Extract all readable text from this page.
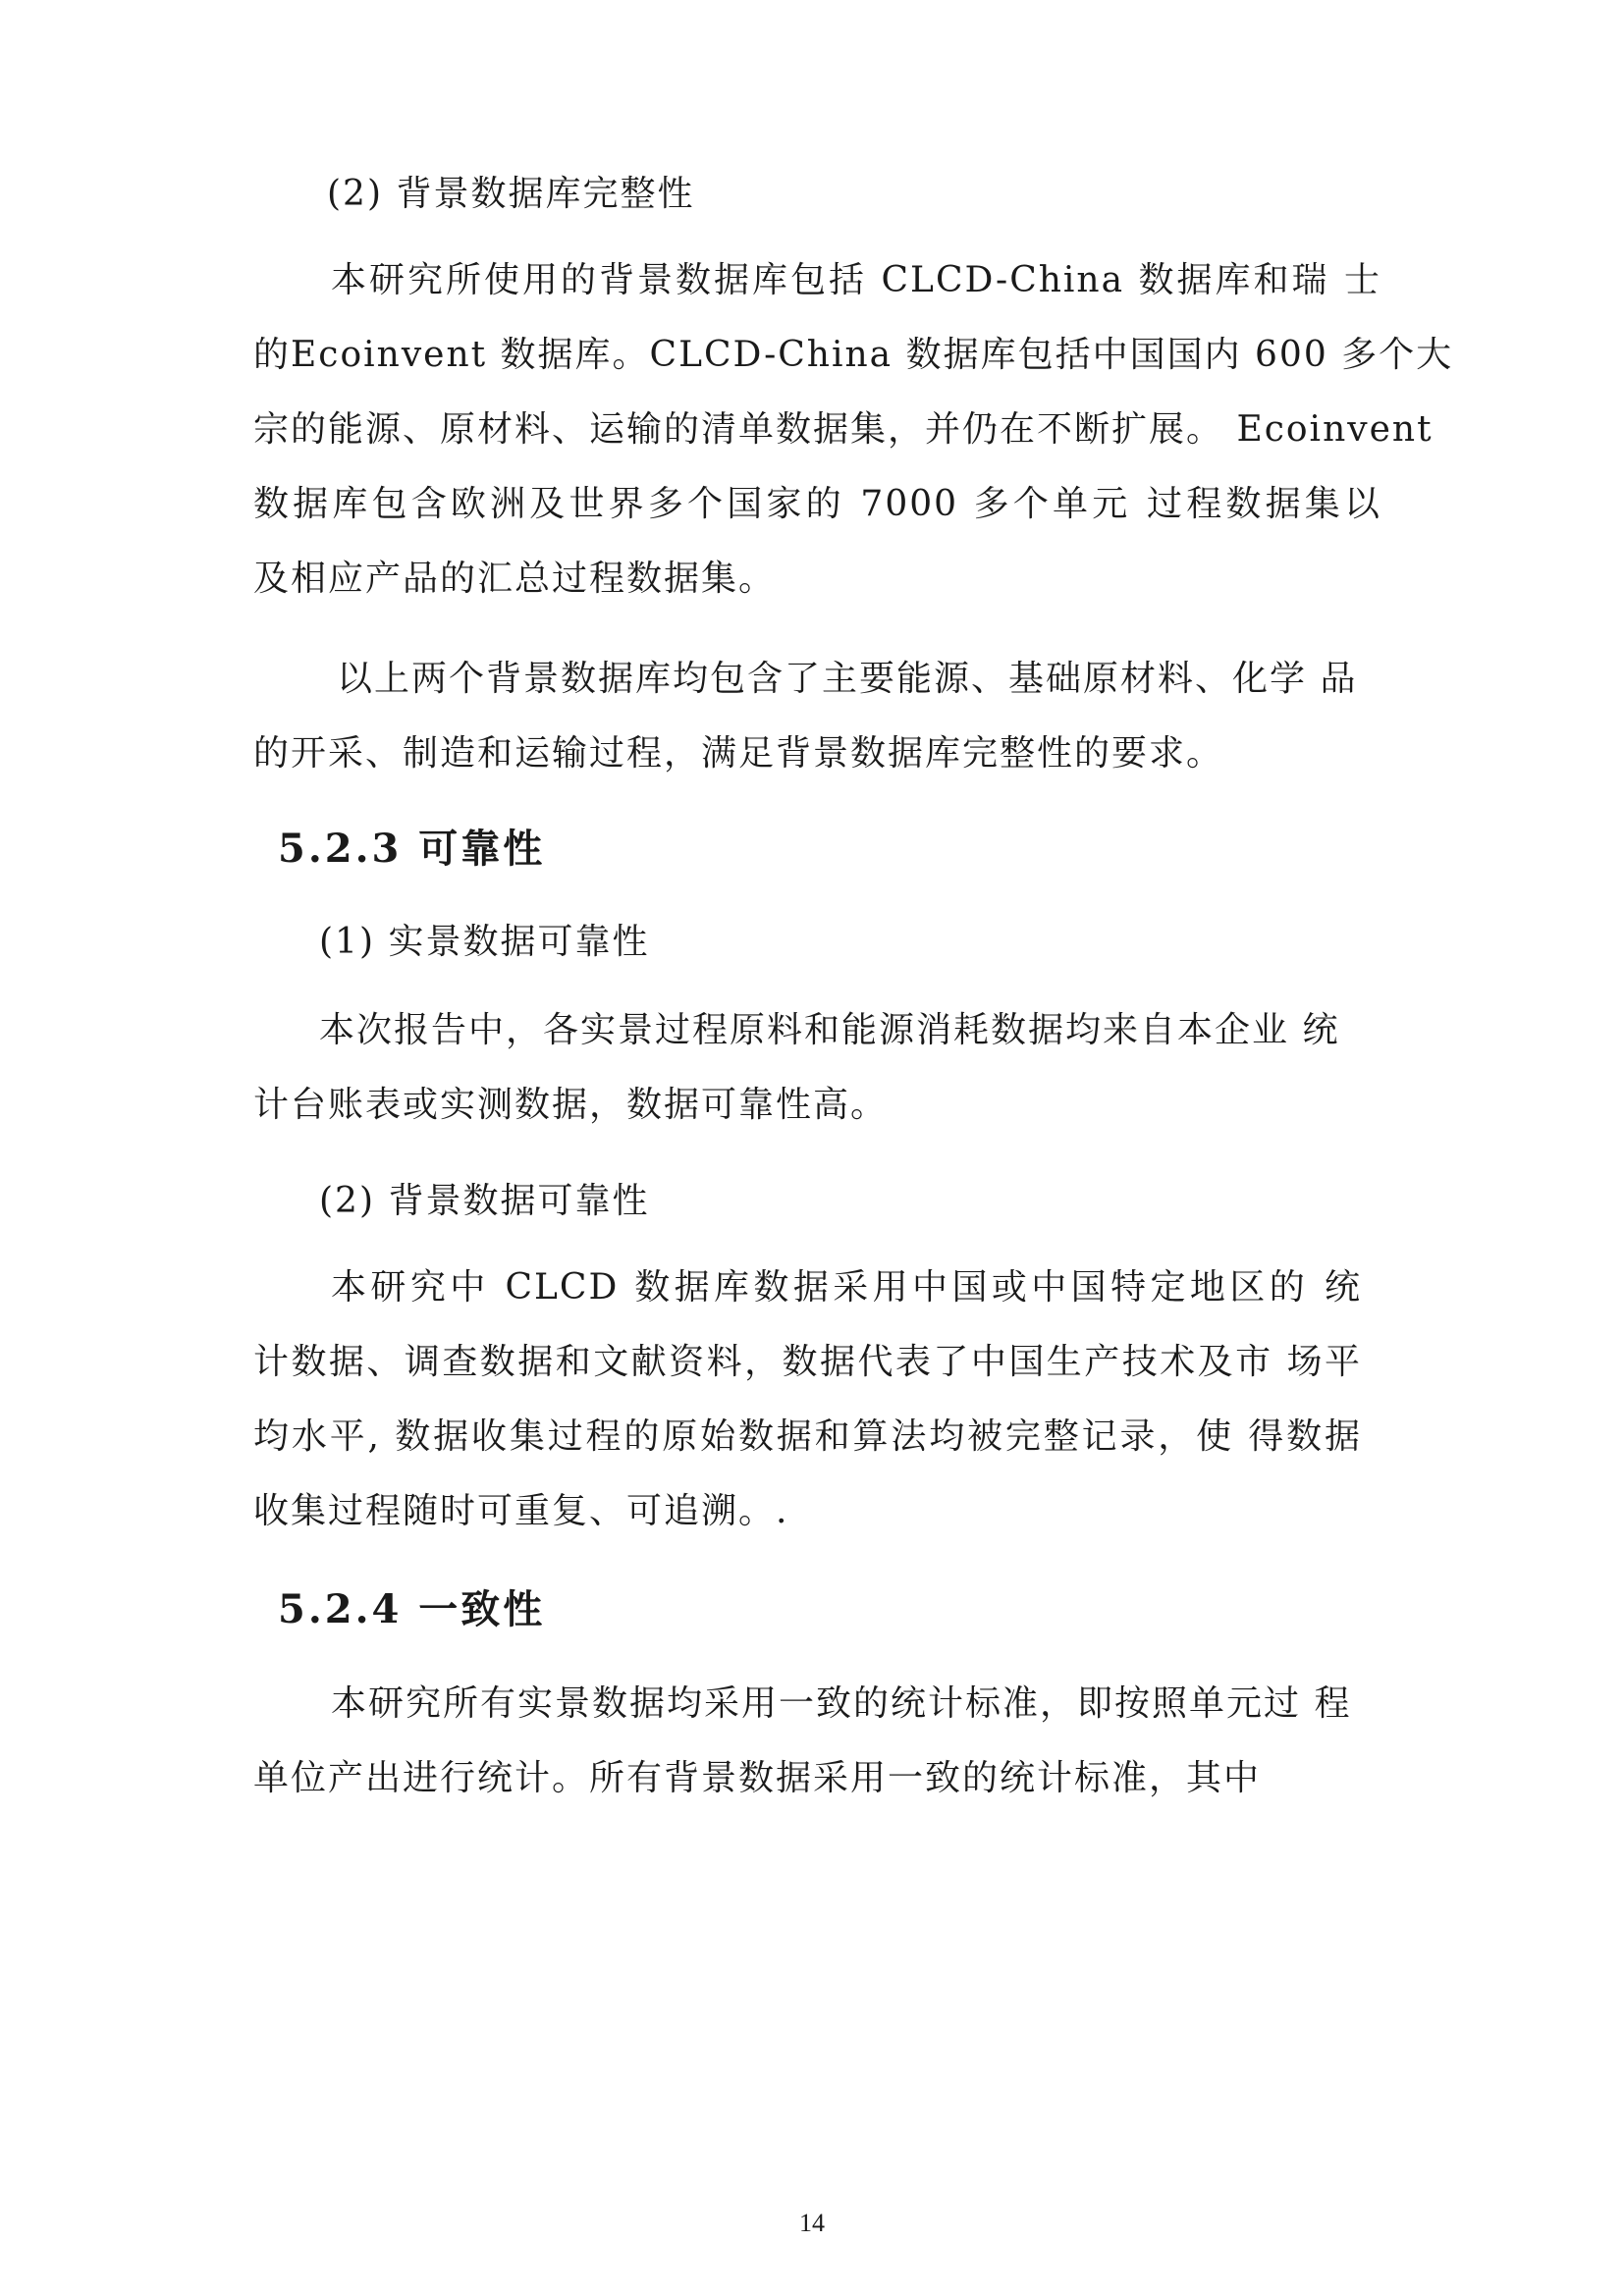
(2) 背景数据库完整性
本研究所使用的背景数据库包括 CLCD-China 数据库和瑞 士
的Ecoinvent 数据库。CLCD-China 数据库包括中国国内 600 多个大
宗的能源、原材料、运输的清单数据集，并仍在不断扩展。 Ecoinvent
数据库包含欧洲及世界多个国家的 7000 多个单元 过程数据集以
及相应产品的汇总过程数据集。
以上两个背景数据库均包含了主要能源、基础原材料、化学 品
的开采、制造和运输过程，满足背景数据库完整性的要求。
5.2.3 可靠性
(1) 实景数据可靠性
本次报告中，各实景过程原料和能源消耗数据均来自本企业 统
计台账表或实测数据，数据可靠性高。
(2) 背景数据可靠性
本研究中 CLCD 数据库数据采用中国或中国特定地区的 统
计数据、调查数据和文献资料，数据代表了中国生产技术及市 场平
均水平, 数据收集过程的原始数据和算法均被完整记录，使 得数据
收集过程随时可重复、可追溯。.
5.2.4 一致性
本研究所有实景数据均采用一致的统计标准，即按照单元过 程
单位产出进行统计。所有背景数据采用一致的统计标准，其中
14
